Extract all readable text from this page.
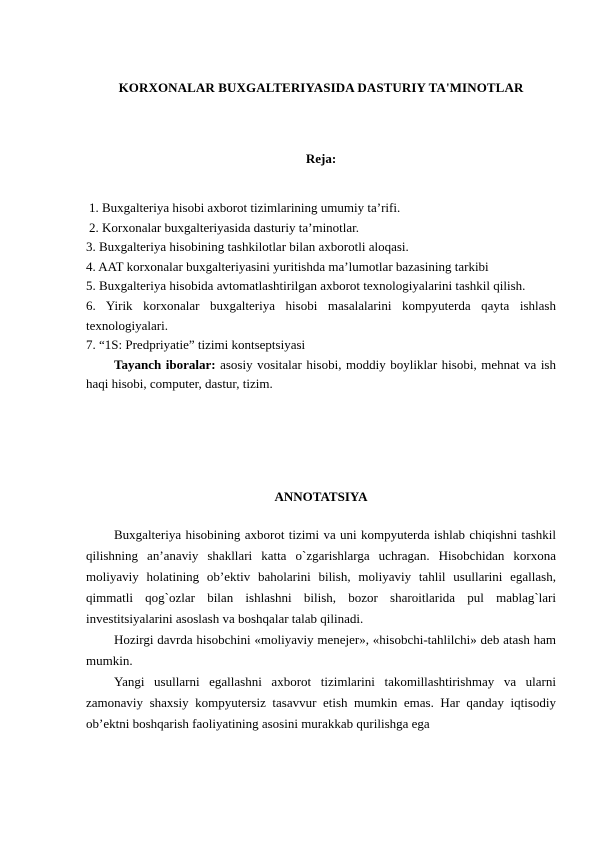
KORXONALAR BUXGALTERIYASIDA DASTURIY TA'MINOTLAR
Reja:

1. Buxgalteriya hisobi axborot tizimlarining umumiy ta’rifi.

2. Korxonalar buxgalteriyasida dasturiy ta’minotlar.

3. Buxgalteriya hisobining tashkilotlar bilan axborotli aloqasi.

4. AAT korxonalar buxgalteriyasini yuritishda ma’lumotlar bazasining tarkibi

5. Buxgalteriya hisobida avtomatlashtirilgan axborot texnologiyalarini tashkil qilish.

6. Yirik korxonalar buxgalteriya hisobi masalalarini kompyuterda qayta ishlash texnologiyalari.

7. “1S: Predpriyatie” tizimi kontseptsiyasi

Tayanch iboralar: asosiy vositalar hisobi, moddiy boyliklar hisobi, mehnat va ish haqi hisobi, computer, dastur, tizim.

ANNOTATSIYA

Buxgalteriya hisobining axborot tizimi va uni kompyuterda ishlab chiqishni tashkil qilishning an’anaviy shakllari katta o`zgarishlarga uchragan. Hisobchidan korxona moliyaviy holatining ob’ektiv baholarini bilish, moliyaviy tahlil usullarini egallash, qimmatli qog`ozlar bilan ishlashni bilish, bozor sharoitlarida pul mablag`lari investitsiyalarini asoslash va boshqalar talab qilinadi.

Hozirgi davrda hisobchini «moliyaviy menejer», «hisobchi-tahlilchi» deb atash ham mumkin.

Yangi usullarni egallashni axborot tizimlarini takomillashtirishmay va ularni zamonaviy shaxsiy kompyutersiz tasavvur etish mumkin emas. Har qanday iqtisodiy ob’ektni boshqarish faoliyatining asosini murakkab qurilishga ega
